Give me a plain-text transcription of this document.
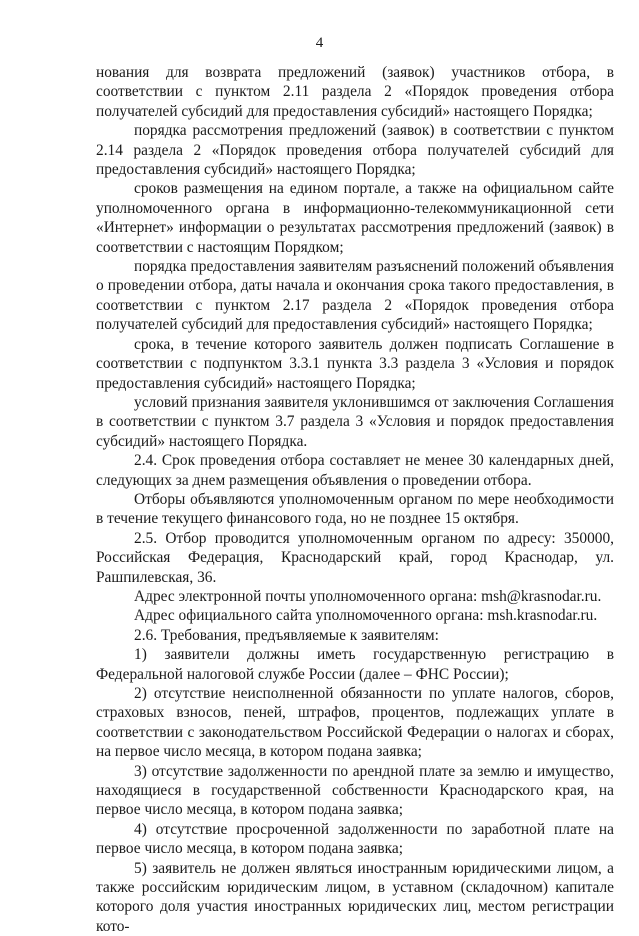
4

нования для возврата предложений (заявок) участников отбора, в соответствии с пунктом 2.11 раздела 2 «Порядок проведения отбора получателей субсидий для предоставления субсидий» настоящего Порядка;

порядка рассмотрения предложений (заявок) в соответствии с пунктом 2.14 раздела 2 «Порядок проведения отбора получателей субсидий для предоставления субсидий» настоящего Порядка;

сроков размещения на едином портале, а также на официальном сайте уполномоченного органа в информационно-телекоммуникационной сети «Интернет» информации о результатах рассмотрения предложений (заявок) в соответствии с настоящим Порядком;

порядка предоставления заявителям разъяснений положений объявления о проведении отбора, даты начала и окончания срока такого предоставления, в соответствии с пунктом 2.17 раздела 2 «Порядок проведения отбора получателей субсидий для предоставления субсидий» настоящего Порядка;

срока, в течение которого заявитель должен подписать Соглашение в соответствии с подпунктом 3.3.1 пункта 3.3 раздела 3 «Условия и порядок предоставления субсидий» настоящего Порядка;

условий признания заявителя уклонившимся от заключения Соглашения в соответствии с пунктом 3.7 раздела 3 «Условия и порядок предоставления субсидий» настоящего Порядка.

2.4. Срок проведения отбора составляет не менее 30 календарных дней, следующих за днем размещения объявления о проведении отбора.

Отборы объявляются уполномоченным органом по мере необходимости в течение текущего финансового года, но не позднее 15 октября.

2.5. Отбор проводится уполномоченным органом по адресу: 350000, Российская Федерация, Краснодарский край, город Краснодар, ул. Рашпилевская, 36.

Адрес электронной почты уполномоченного органа: msh@krasnodar.ru.

Адрес официального сайта уполномоченного органа: msh.krasnodar.ru.

2.6. Требования, предъявляемые к заявителям:

1) заявители должны иметь государственную регистрацию в Федеральной налоговой службе России (далее – ФНС России);

2) отсутствие неисполненной обязанности по уплате налогов, сборов, страховых взносов, пеней, штрафов, процентов, подлежащих уплате в соответствии с законодательством Российской Федерации о налогах и сборах, на первое число месяца, в котором подана заявка;

3) отсутствие задолженности по арендной плате за землю и имущество, находящиеся в государственной собственности Краснодарского края, на первое число месяца, в котором подана заявка;

4) отсутствие просроченной задолженности по заработной плате на первое число месяца, в котором подана заявка;

5) заявитель не должен являться иностранным юридическими лицом, а также российским юридическим лицом, в уставном (складочном) капитале которого доля участия иностранных юридических лиц, местом регистрации кото-
